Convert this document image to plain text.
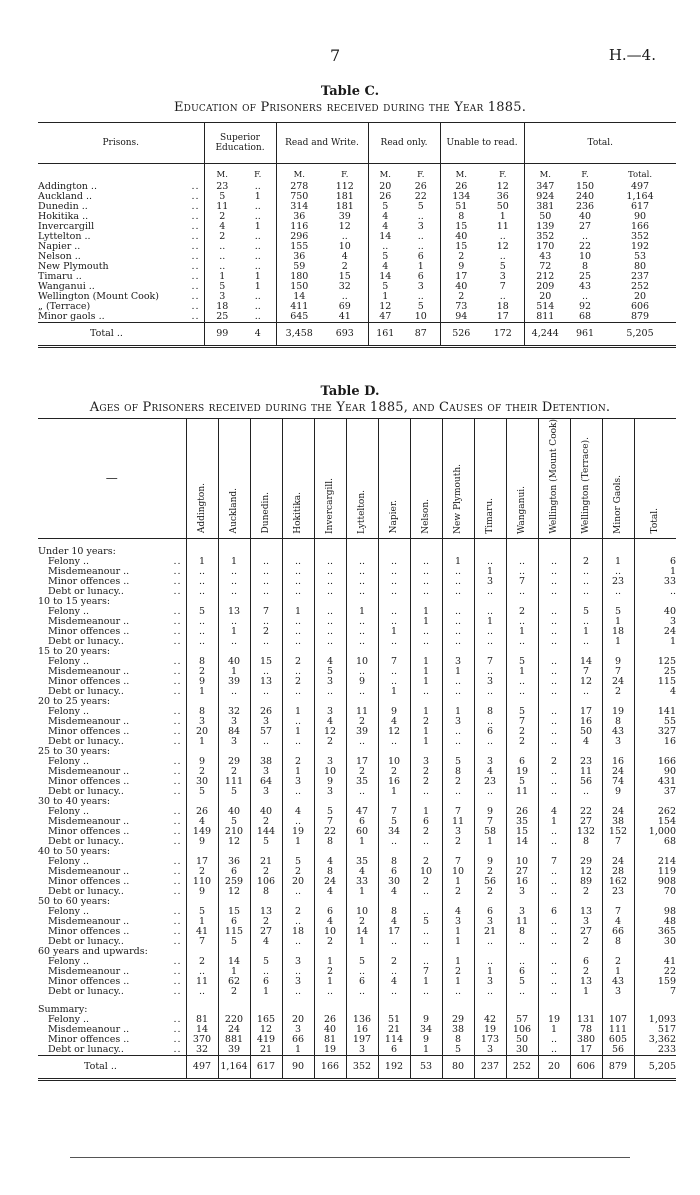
7	H.—4.
Table C.
Education of Prisoners received during the Year 1885.
Prisons.	Superior Education.		Read and Write.		Read only.		Unable to read.		Total.		
	M.	F.	M.	F.	M.	F.	M.	F.	M.	F.	Total.
Addington .. ..	23	..	278	112	20	26	26	12	347	150	497
Auckland .. ..	5	1	750	181	26	22	134	36	924	240	1,164
Dunedin .. ..	11	..	314	181	5	5	51	50	381	236	617
Hokitika .. ..	2	..	36	39	4	..	8	1	50	40	90
Invercargill ..	4	1	116	12	4	3	15	11	139	27	166
Lyttelton .. ..	2	..	296	..	14	..	40	..	352	..	352
Napier .. ..	..	..	155	10	..	..	15	12	170	22	192
Nelson .. ..	..	..	36	4	5	6	2	..	43	10	53
New Plymouth ..	..	..	59	2	4	1	9	5	72	8	80
Timaru .. ..	1	1	180	15	14	6	17	3	212	25	237
Wanganui .. ..	5	1	150	32	5	3	40	7	209	43	252
Wellington (Mount Cook) ..	3	..	14	..	1	..	2	..	20	..	20
„ (Terrace) ..	18	..	411	69	12	5	73	18	514	92	606
Minor gaols .. ..	25	..	645	41	47	10	94	17	811	68	879
Total ..	99	4	3,458	693	161	87	526	172	4,244	961	5,205
Table D.
Ages of Prisoners received during the Year 1885, and Causes of their Detention.
—	Addington.	Auckland.	Dunedin.	Hokitika.	Invercargill.	Lyttelton.	Napier.	Nelson.	New Plymouth.	Timaru.	Wanganui.	Wellington (Mount Cook)	Wellington (Terrace).	Minor Gaols.	Total.

Under 10 years:															
Felony .. ..	1	1	..	..	..	..	..	..	1	..	..	..	2	1	6
Misdemeanour .. ..	..	..	..	..	..	..	..	..	..	1	..	..	..	..	1
Minor offences .. ..	..	..	..	..	..	..	..	..	..	3	7	..	..	23	33
Debt or lunacy.. ..	..	..	..	..	..	..	..	..	..	..	..	..	..	..	..
10 to 15 years:															
Felony .. ..	5	13	7	1	..	1	..	1	..	..	2	..	5	5	40
Misdemeanour .. ..	..	..	..	..	..	..	..	1	..	1	..	..	..	1	3
Minor offences .. ..	..	1	2	..	..	..	1	..	..	..	1	..	1	18	24
Debt or lunacy.. ..	..	..	..	..	..	..	..	..	..	..	..	..	..	1	1
15 to 20 years:															
Felony .. ..	8	40	15	2	4	10	7	1	3	7	5	..	14	9	125
Misdemeanour .. ..	2	1	..	..	5	..	..	1	1	..	1	..	7	7	25
Minor offences .. ..	9	39	13	2	3	9	..	1	..	3	..	..	12	24	115
Debt or lunacy.. ..	1	..	..	..	..	..	1	..	..	..	..	..	..	2	4
20 to 25 years:															
Felony .. ..	8	32	26	1	3	11	9	1	1	8	5	..	17	19	141
Misdemeanour .. ..	3	3	3	..	4	2	4	2	3	..	7	..	16	8	55
Minor offences .. ..	20	84	57	1	12	39	12	1	..	6	2	..	50	43	327
Debt or lunacy.. ..	1	3	..	..	2	..	..	1	..	..	2	..	4	3	16
25 to 30 years:															
Felony .. ..	9	29	38	2	3	17	10	3	5	3	6	2	23	16	166
Misdemeanour .. ..	2	2	3	1	10	2	2	2	8	4	19	..	11	24	90
Minor offences .. ..	30	111	64	3	9	35	16	2	2	23	5	..	56	74	431
Debt or lunacy.. ..	5	5	3	..	3	..	1	..	..	..	11	..	..	9	37
30 to 40 years:															
Felony .. ..	26	40	40	4	5	47	7	1	7	9	26	4	22	24	262
Misdemeanour .. ..	4	5	2	..	7	6	5	6	11	7	35	1	27	38	154
Minor offences .. ..	149	210	144	19	22	60	34	2	3	58	15	..	132	152	1,000
Debt or lunacy.. ..	9	12	5	1	8	1	..	..	2	1	14	..	8	7	68
40 to 50 years:															
Felony .. ..	17	36	21	5	4	35	8	2	7	9	10	7	29	24	214
Misdemeanour .. ..	2	6	2	2	8	4	6	10	10	2	27	..	12	28	119
Minor offences .. ..	110	259	106	20	24	33	30	2	1	56	16	..	89	162	908
Debt or lunacy.. ..	9	12	8	..	4	1	4	..	2	2	3	..	2	23	70
50 to 60 years:															
Felony .. ..	5	15	13	2	6	10	8	..	4	6	3	6	13	7	98
Misdemeanour .. ..	1	6	2	..	4	2	4	5	3	3	11	..	3	4	48
Minor offences .. ..	41	115	27	18	10	14	17	..	1	21	8	..	27	66	365
Debt or lunacy.. ..	7	5	4	..	2	1	..	..	1	..	..	..	2	8	30
60 years and upwards:															
Felony .. ..	2	14	5	3	1	5	2	..	1	..	..	..	6	2	41
Misdemeanour .. ..	..	1	..	..	2	..	..	7	2	1	6	..	2	1	22
Minor offences .. ..	11	62	6	3	1	6	4	1	1	3	5	..	13	43	159
Debt or lunacy.. ..	..	2	1	..	..	..	..	..	..	..	..	..	1	3	7

Summary:															
Felony .. ..	81	220	165	20	26	136	51	9	29	42	57	19	131	107	1,093
Misdemeanour .. ..	14	24	12	3	40	16	21	34	38	19	106	1	78	111	517
Minor offences .. ..	370	881	419	66	81	197	114	9	8	173	50	..	380	605	3,362
Debt or lunacy.. ..	32	39	21	1	19	3	6	1	5	3	30	..	17	56	233
Total ..	497	1,164	617	90	166	352	192	53	80	237	252	20	606	879	5,205
